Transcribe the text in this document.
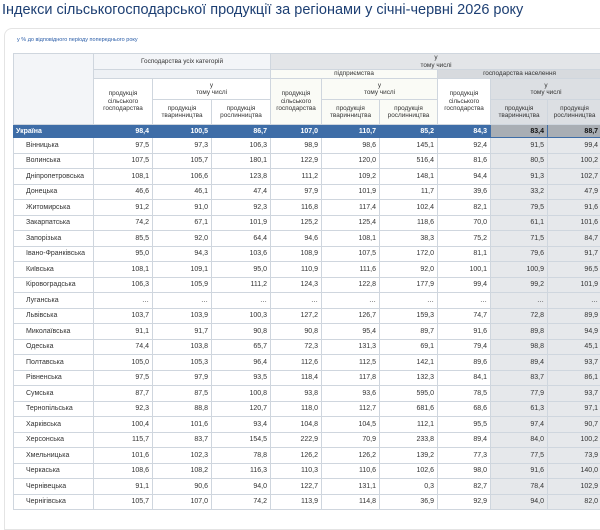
Індекси сільськогосподарської продукції за регіонами у січні-червні 2026 року
у % до відповідного періоду попереднього року
	Господарства усіх категорій			у
тому числі					
				підприємства			господарства населення		
	продукція сільського господарства	у
тому числі		продукція сільського господарства	у
тому числі		продукція сільського господарства	у
тому числі	
		продукція тваринництва	продукція рослинництва		продукція тваринництва	продукція рослинництва		продукція тваринництва	продукція рослинництва
Україна	98,4	100,5	86,7	107,0	110,7	85,2	84,3	83,4	88,7
Вінницька	97,5	97,3	106,3	98,9	98,6	145,1	92,4	91,5	99,4
Волинська	107,5	105,7	180,1	122,9	120,0	516,4	81,6	80,5	100,2
Дніпропетровська	108,1	106,6	123,8	111,2	109,2	148,1	94,4	91,3	102,7
Донецька	46,6	46,1	47,4	97,9	101,9	11,7	39,6	33,2	47,9
Житомирська	91,2	91,0	92,3	116,8	117,4	102,4	82,1	79,5	91,6
Закарпатська	74,2	67,1	101,9	125,2	125,4	118,6	70,0	61,1	101,6
Запорізька	85,5	92,0	64,4	94,6	108,1	38,3	75,2	71,5	84,7
Івано-Франківська	95,0	94,3	103,6	108,9	107,5	172,0	81,1	79,6	91,7
Київська	108,1	109,1	95,0	110,9	111,6	92,0	100,1	100,9	96,5
Кіровоградська	106,3	105,9	111,2	124,3	122,8	177,9	99,4	99,2	101,9
Луганська	…	…	…	…	…	…	…	…	…
Львівська	103,7	103,9	100,3	127,2	126,7	159,3	74,7	72,8	89,9
Миколаївська	91,1	91,7	90,8	90,8	95,4	89,7	91,6	89,8	94,9
Одеська	74,4	103,8	65,7	72,3	131,3	69,1	79,4	98,8	45,1
Полтавська	105,0	105,3	96,4	112,6	112,5	142,1	89,6	89,4	93,7
Рівненська	97,5	97,9	93,5	118,4	117,8	132,3	84,1	83,7	86,1
Сумська	87,7	87,5	100,8	93,8	93,6	595,0	78,5	77,9	93,7
Тернопільська	92,3	88,8	120,7	118,0	112,7	681,6	68,6	61,3	97,1
Харківська	100,4	101,6	93,4	104,8	104,5	112,1	95,5	97,4	90,7
Херсонська	115,7	83,7	154,5	222,9	70,9	233,8	89,4	84,0	100,2
Хмельницька	101,6	102,3	78,8	126,2	126,2	139,2	77,3	77,5	73,9
Черкаська	108,6	108,2	116,3	110,3	110,6	102,6	98,0	91,6	140,0
Чернівецька	91,1	90,6	94,0	122,7	131,1	0,3	82,7	78,4	102,9
Чернігівська	105,7	107,0	74,2	113,9	114,8	36,9	92,9	94,0	82,0
